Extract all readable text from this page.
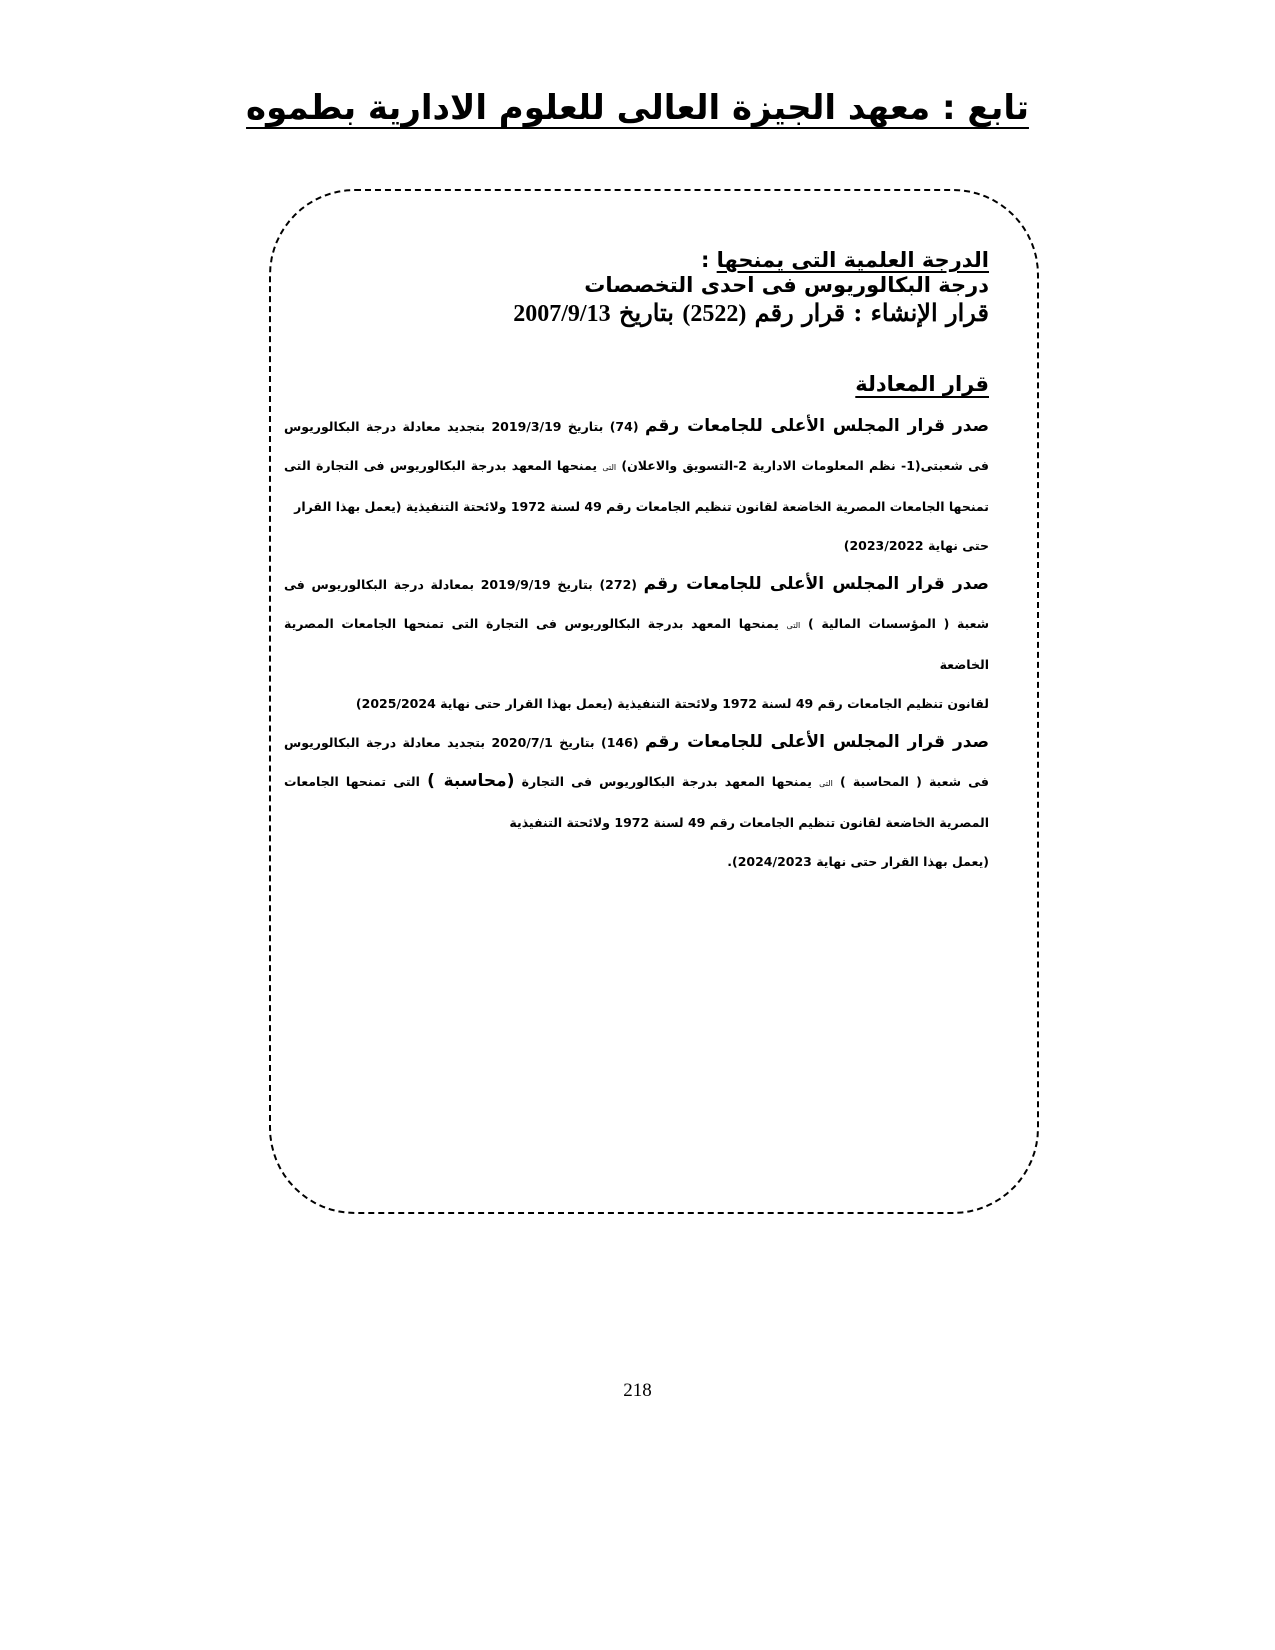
تابع : معهد الجيزة العالى للعلوم الادارية بطموه
الدرجة العلمية التى يمنحها :
درجة البكالوريوس فى احدى التخصصات
قرار الإنشاء : قرار رقم (2522) بتاريخ 2007/9/13
قرار المعادلة
صدر قرار المجلس الأعلى للجامعات رقم (74) بتاريخ 2019/3/19 بتجديد معادلة درجة البكالوريوس فى شعبتى(1- نظم المعلومات الادارية 2-التسويق والاعلان) التى يمنحها المعهد بدرجة البكالوريوس فى التجارة التى تمنحها الجامعات المصرية الخاضعة لقانون تنظيم الجامعات رقم 49 لسنة 1972 ولائحتة التنفيذية (يعمل بهذا القرار
حتى نهاية 2023/2022)
صدر قرار المجلس الأعلى للجامعات رقم (272) بتاريخ 2019/9/19 بمعادلة درجة البكالوريوس فى شعبة ( المؤسسات المالية ) التى يمنحها المعهد بدرجة البكالوريوس فى التجارة التى تمنحها الجامعات المصرية الخاضعة
لقانون تنظيم الجامعات رقم 49 لسنة 1972 ولائحتة التنفيذية (يعمل بهذا القرار حتى نهاية 2025/2024)
صدر قرار المجلس الأعلى للجامعات رقم (146) بتاريخ 2020/7/1 بتجديد معادلة درجة البكالوريوس فى شعبة ( المحاسبة ) التى يمنحها المعهد بدرجة البكالوريوس فى التجارة (محاسبة ) التى تمنحها الجامعات المصرية الخاضعة لقانون تنظيم الجامعات رقم 49 لسنة 1972 ولائحتة التنفيذية
(يعمل بهذا القرار حتى نهاية 2024/2023).
218
